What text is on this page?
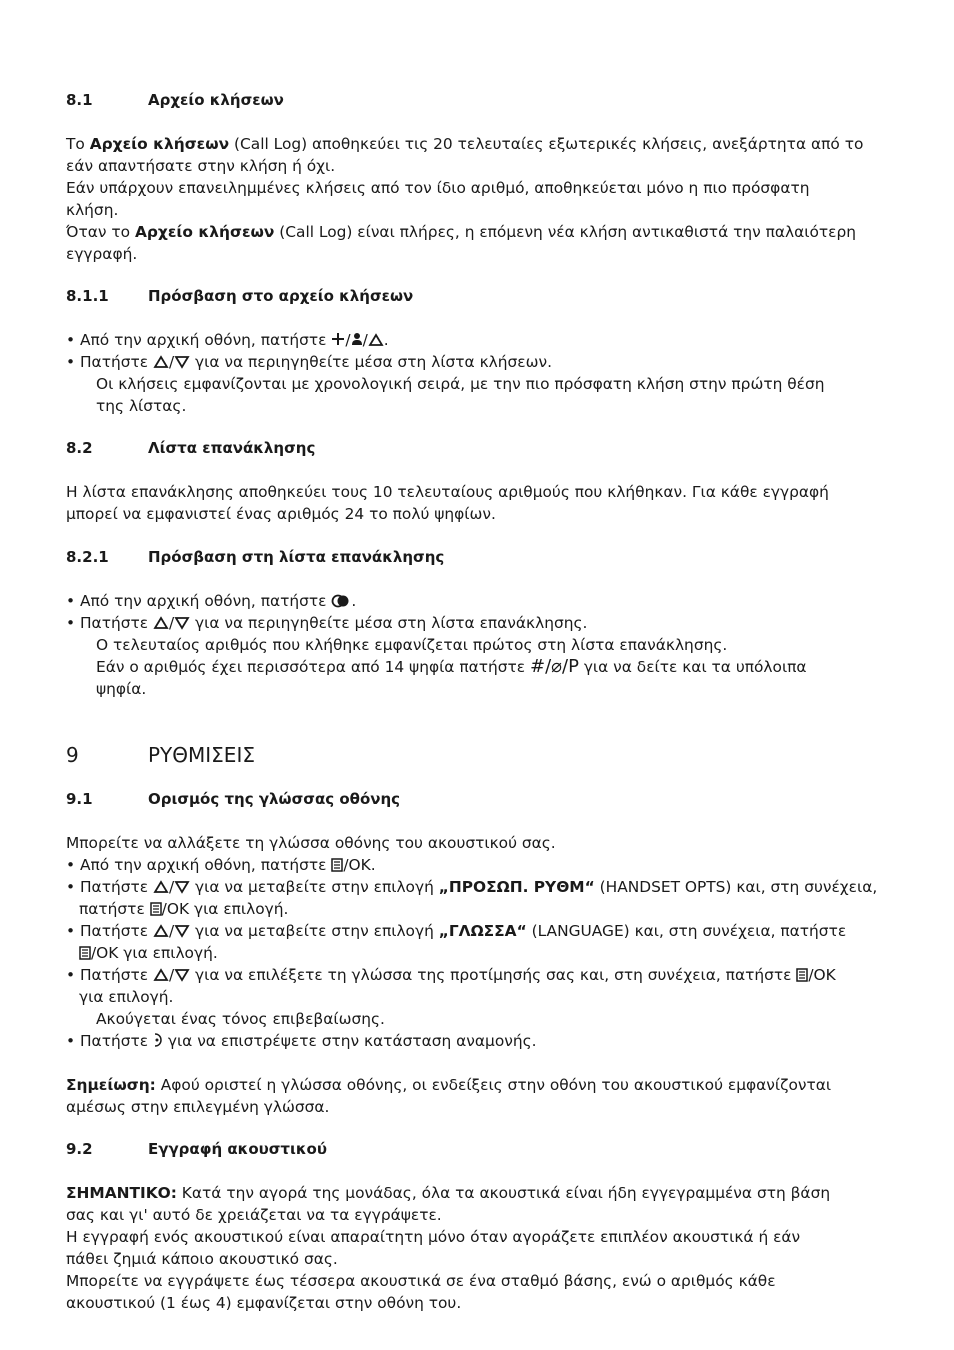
8.1	Αρχείο κλήσεων
Το Αρχείο κλήσεων (Call Log) αποθηκεύει τις 20 τελευταίες εξωτερικές κλήσεις, ανεξάρτητα από το
εάν απαντήσατε στην κλήση ή όχι.
Εάν υπάρχουν επανειλημμένες κλήσεις από τον ίδιο αριθμό, αποθηκεύεται μόνο η πιο πρόσφατη
κλήση.
Όταν το Αρχείο κλήσεων (Call Log) είναι πλήρες, η επόμενη νέα κλήση αντικαθιστά την παλαιότερη
εγγραφή.
8.1.1	Πρόσβαση στο αρχείο κλήσεων
• Από την αρχική οθόνη, πατήστε
/ / .
• Πατήστε
/
για να περιηγηθείτε μέσα στη λίστα κλήσεων.
Οι κλήσεις εμφανίζονται με χρονολογική σειρά, με την πιο πρόσφατη κλήση στην πρώτη θέση
της λίστας.
8.2	Λίστα επανάκλησης
Η λίστα επανάκλησης αποθηκεύει τους 10 τελευταίους αριθμούς που κλήθηκαν. Για κάθε εγγραφή
μπορεί να εμφανιστεί ένας αριθμός 24 το πολύ ψηφίων.
8.2.1	Πρόσβαση στη λίστα επανάκλησης
• Από την αρχική οθόνη, πατήστε
.
• Πατήστε
/
για να περιηγηθείτε μέσα στη λίστα επανάκλησης.
Ο τελευταίος αριθμός που κλήθηκε εμφανίζεται πρώτος στη λίστα επανάκλησης.
Εάν ο αριθμός έχει περισσότερα από 14 ψηφία πατήστε #/⌀/P για να δείτε και τα υπόλοιπα
ψηφία.
9	ΡΥΘΜΙΣΕΙΣ
9.1	Ορισμός της γλώσσας οθόνης
Μπορείτε να αλλάξετε τη γλώσσα οθόνης του ακουστικού σας.
• Από την αρχική οθόνη, πατήστε
/OK.
• Πατήστε
/
για να μεταβείτε στην επιλογή „ΠΡΟΣΩΠ. ΡΥΘΜ“ (HANDSET OPTS) και, στη συνέχεια,
πατήστε
/OK για επιλογή.
• Πατήστε
/
για να μεταβείτε στην επιλογή „ΓΛΩΣΣΑ“ (LANGUAGE) και, στη συνέχεια, πατήστε
/OK για επιλογή.
• Πατήστε
/
για να επιλέξετε τη γλώσσα της προτίμησής σας και, στη συνέχεια, πατήστε
/OK
για επιλογή.
Ακούγεται ένας τόνος επιβεβαίωσης.
• Πατήστε
για να επιστρέψετε στην κατάσταση αναμονής.
Σημείωση: Αφού οριστεί η γλώσσα οθόνης, οι ενδείξεις στην οθόνη του ακουστικού εμφανίζονται
αμέσως στην επιλεγμένη γλώσσα.
9.2	Εγγραφή ακουστικού
ΣΗΜΑΝΤΙΚΟ: Κατά την αγορά της μονάδας, όλα τα ακουστικά είναι ήδη εγγεγραμμένα στη βάση
σας και γι' αυτό δε χρειάζεται να τα εγγράψετε.
Η εγγραφή ενός ακουστικού είναι απαραίτητη μόνο όταν αγοράζετε επιπλέον ακουστικά ή εάν
πάθει ζημιά κάποιο ακουστικό σας.
Μπορείτε να εγγράψετε έως τέσσερα ακουστικά σε ένα σταθμό βάσης, ενώ ο αριθμός κάθε
ακουστικού (1 έως 4) εμφανίζεται στην οθόνη του.
